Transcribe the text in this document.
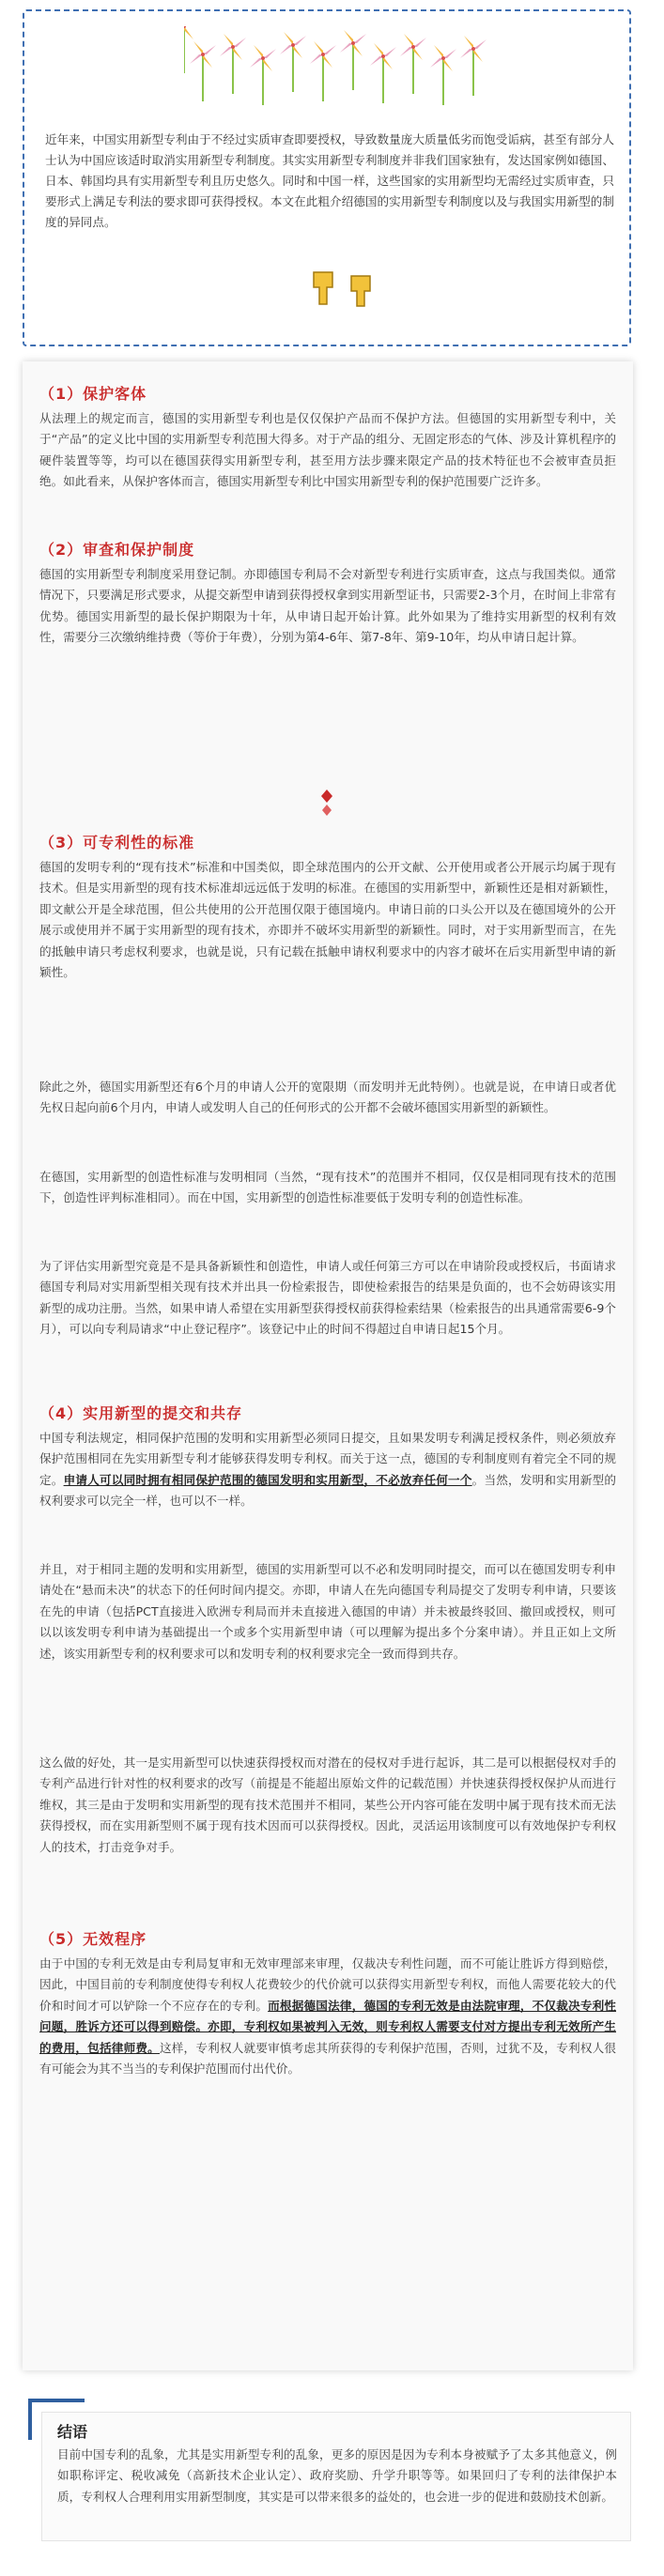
近年来，中国实用新型专利由于不经过实质审查即要授权，导致数量庞大质量低劣而饱受诟病，甚至有部分人士认为中国应该适时取消实用新型专利制度。其实实用新型专利制度并非我们国家独有，发达国家例如德国、日本、韩国均具有实用新型专利且历史悠久。同时和中国一样，这些国家的实用新型均无需经过实质审查，只要形式上满足专利法的要求即可获得授权。本文在此粗介绍德国的实用新型专利制度以及与我国实用新型的制度的异同点。

（1）保护客体

从法理上的规定而言，德国的实用新型专利也是仅仅保护产品而不保护方法。但德国的实用新型专利中，关于“产品”的定义比中国的实用新型专利范围大得多。对于产品的组分、无固定形态的气体、涉及计算机程序的硬件装置等等，均可以在德国获得实用新型专利，甚至用方法步骤来限定产品的技术特征也不会被审查员拒绝。如此看来，从保护客体而言，德国实用新型专利比中国实用新型专利的保护范围要广泛许多。

（2）审查和保护制度

德国的实用新型专利制度采用登记制。亦即德国专利局不会对新型专利进行实质审查，这点与我国类似。通常情况下，只要满足形式要求，从提交新型申请到获得授权拿到实用新型证书，只需要2-3个月，在时间上非常有优势。德国实用新型的最长保护期限为十年，从申请日起开始计算。此外如果为了维持实用新型的权利有效性，需要分三次缴纳维持费（等价于年费），分别为第4-6年、第7-8年、第9-10年，均从申请日起计算。

（3）可专利性的标准

德国的发明专利的“现有技术”标准和中国类似，即全球范围内的公开文献、公开使用或者公开展示均属于现有技术。但是实用新型的现有技术标准却远远低于发明的标准。在德国的实用新型中，新颖性还是相对新颖性，即文献公开是全球范围，但公共使用的公开范围仅限于德国境内。申请日前的口头公开以及在德国境外的公开展示或使用并不属于实用新型的现有技术，亦即并不破坏实用新型的新颖性。同时，对于实用新型而言，在先的抵触申请只考虑权利要求，也就是说，只有记载在抵触申请权利要求中的内容才破坏在后实用新型申请的新颖性。

除此之外，德国实用新型还有6个月的申请人公开的宽限期（而发明并无此特例）。也就是说，在申请日或者优先权日起向前6个月内，申请人或发明人自己的任何形式的公开都不会破坏德国实用新型的新颖性。

在德国，实用新型的创造性标准与发明相同（当然，“现有技术”的范围并不相同，仅仅是相同现有技术的范围下，创造性评判标准相同）。而在中国，实用新型的创造性标准要低于发明专利的创造性标准。

为了评估实用新型究竟是不是具备新颖性和创造性，申请人或任何第三方可以在申请阶段或授权后，书面请求德国专利局对实用新型相关现有技术并出具一份检索报告，即使检索报告的结果是负面的，也不会妨碍该实用新型的成功注册。当然，如果申请人希望在实用新型获得授权前获得检索结果（检索报告的出具通常需要6-9个月），可以向专利局请求“中止登记程序”。该登记中止的时间不得超过自申请日起15个月。

（4）实用新型的提交和共存

中国专利法规定，相同保护范围的发明和实用新型必须同日提交，且如果发明专利满足授权条件，则必须放弃保护范围相同在先实用新型专利才能够获得发明专利权。而关于这一点，德国的专利制度则有着完全不同的规定。申请人可以同时拥有相同保护范围的德国发明和实用新型，不必放弃任何一个。当然，发明和实用新型的权利要求可以完全一样，也可以不一样。

并且，对于相同主题的发明和实用新型，德国的实用新型可以不必和发明同时提交，而可以在德国发明专利申请处在“悬而未决”的状态下的任何时间内提交。亦即，申请人在先向德国专利局提交了发明专利申请，只要该在先的申请（包括PCT直接进入欧洲专利局而并未直接进入德国的申请）并未被最终驳回、撤回或授权，则可以以该发明专利申请为基础提出一个或多个实用新型申请（可以理解为提出多个分案申请）。并且正如上文所述，该实用新型专利的权利要求可以和发明专利的权利要求完全一致而得到共存。

这么做的好处，其一是实用新型可以快速获得授权而对潜在的侵权对手进行起诉，其二是可以根据侵权对手的专利产品进行针对性的权利要求的改写（前提是不能超出原始文件的记载范围）并快速获得授权保护从而进行维权，其三是由于发明和实用新型的现有技术范围并不相同，某些公开内容可能在发明中属于现有技术而无法获得授权，而在实用新型则不属于现有技术因而可以获得授权。因此，灵活运用该制度可以有效地保护专利权人的技术，打击竞争对手。

（5）无效程序

由于中国的专利无效是由专利局复审和无效审理部来审理，仅裁决专利性问题，而不可能让胜诉方得到赔偿，因此，中国目前的专利制度使得专利权人花费较少的代价就可以获得实用新型专利权，而他人需要花较大的代价和时间才可以铲除一个不应存在的专利。而根据德国法律，德国的专利无效是由法院审理，不仅裁决专利性问题，胜诉方还可以得到赔偿。亦即，专利权如果被判入无效，则专利权人需要支付对方提出专利无效所产生的费用，包括律师费。这样，专利权人就要审慎考虑其所获得的专利保护范围，否则，过犹不及，专利权人很有可能会为其不当当的专利保护范围而付出代价。

结语

目前中国专利的乱象，尤其是实用新型专利的乱象，更多的原因是因为专利本身被赋予了太多其他意义，例如职称评定、税收减免（高新技术企业认定）、政府奖励、升学升职等等。如果回归了专利的法律保护本质，专利权人合理利用实用新型制度，其实是可以带来很多的益处的，也会进一步的促进和鼓励技术创新。
